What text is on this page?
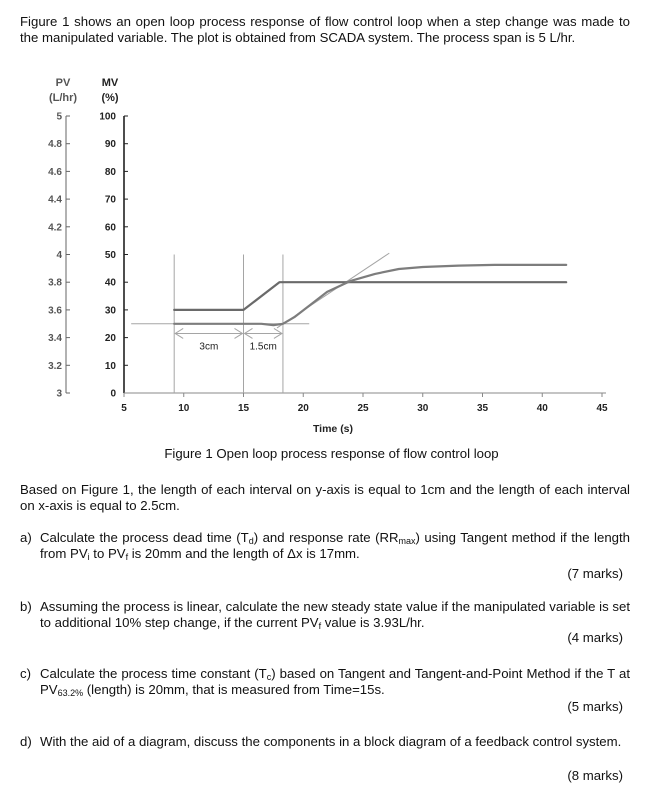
Figure 1 shows an open loop process response of flow control loop when a step change was made to the manipulated variable. The plot is obtained from SCADA system. The process span is 5 L/hr.
3
3.2
3.4
3.6
3.8
4
4.2
4.4
4.6
4.8
5
PV
(L/hr)
0
10
20
30
40
50
60
70
80
90
100
MV
(%)
5	10	15	20	25	30	35	40	45
Time (s)
3cm	1.5cm
Figure 1 Open loop process response of flow control loop
Based on Figure 1, the length of each interval on y-axis is equal to 1cm and the length of each interval on x-axis is equal to 2.5cm.
a) Calculate the process dead time $(T_d)$ and response rate $(RR_{max})$ using Tangent method if the length from $PV_i$ to $PV_f$ is 20mm and the length of Δx is 17mm.
(7 marks)
b) Assuming the process is linear, calculate the new steady state value if the manipulated variable is set to additional 10% step change, if the current $PV_f$ value is 3.93L/hr.
(4 marks)
c) Calculate the process time constant $(T_c)$ based on Tangent and Tangent-and-Point Method if the T at $PV_{63.2\%}$ (length) is 20mm, that is measured from Time=15s.
(5 marks)
d) With the aid of a diagram, discuss the components in a block diagram of a feedback control system.
(8 marks)
